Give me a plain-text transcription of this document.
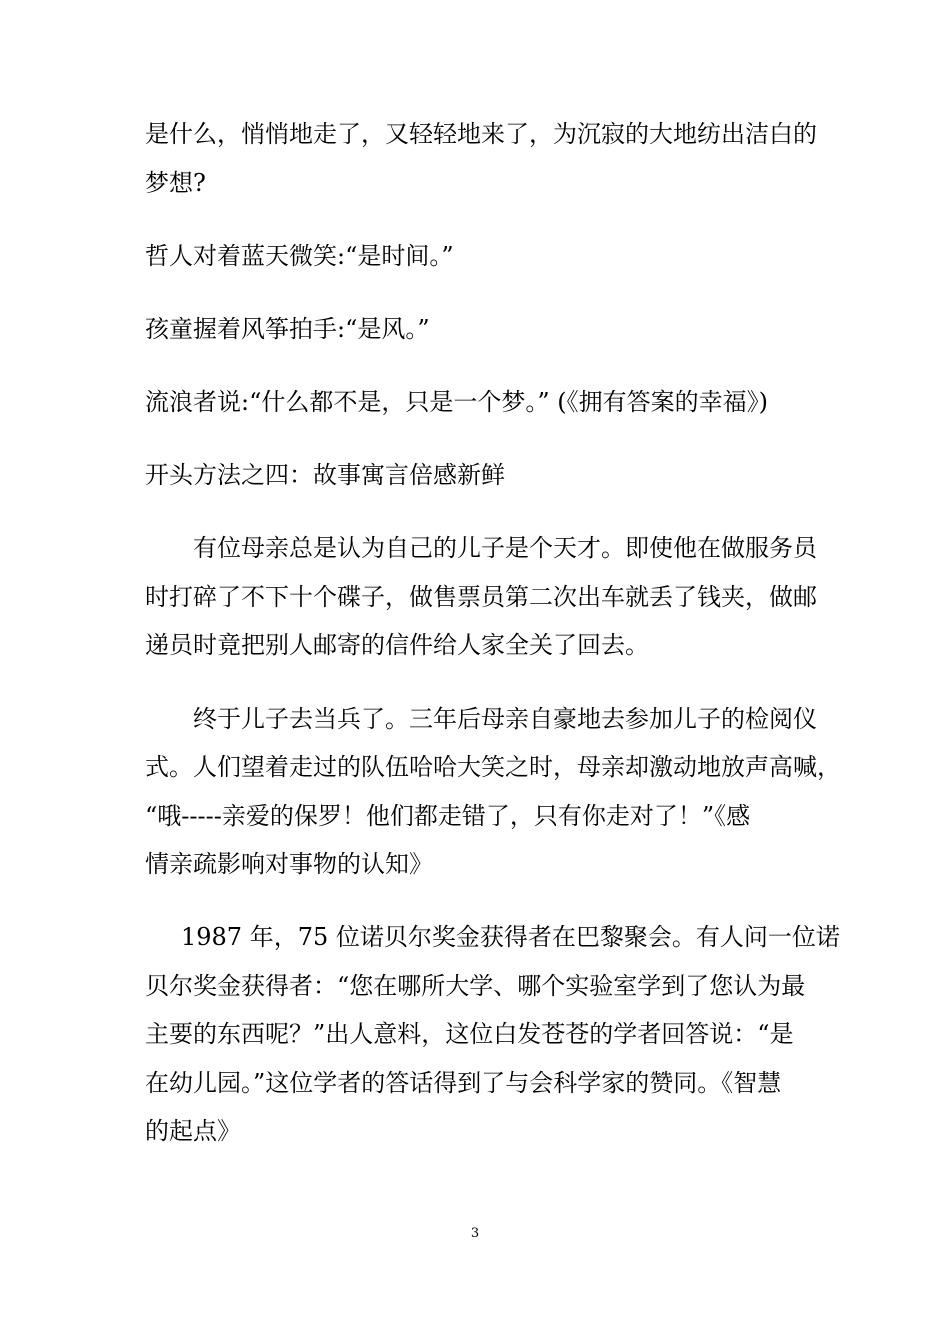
是什么，悄悄地走了，又轻轻地来了，为沉寂的大地纺出洁白的
梦想?
哲人对着蓝天微笑:“是时间。”
孩童握着风筝拍手:“是风。”
流浪者说:“什么都不是，只是一个梦。” (《拥有答案的幸福》)
开头方法之四：故事寓言倍感新鲜
有位母亲总是认为自己的儿子是个天才。即使他在做服务员
时打碎了不下十个碟子，做售票员第二次出车就丢了钱夹，做邮
递员时竟把别人邮寄的信件给人家全关了回去。
终于儿子去当兵了。三年后母亲自豪地去参加儿子的检阅仪
式。人们望着走过的队伍哈哈大笑之时，母亲却激动地放声高喊，
“哦-----亲爱的保罗！他们都走错了，只有你走对了！”《感
情亲疏影响对事物的认知》
1987 年，75 位诺贝尔奖金获得者在巴黎聚会。有人问一位诺
贝尔奖金获得者：“您在哪所大学、哪个实验室学到了您认为最
主要的东西呢？”出人意料，这位白发苍苍的学者回答说：“是
在幼儿园。”这位学者的答话得到了与会科学家的赞同。《智慧
的起点》
3
